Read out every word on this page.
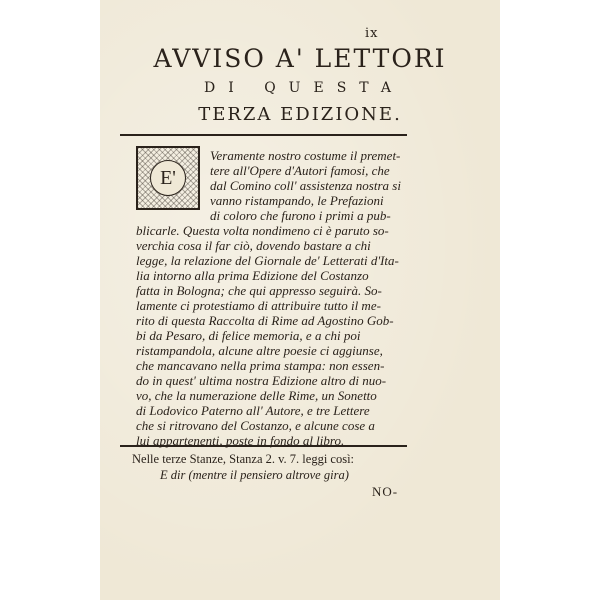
ix
AVVISO A' LETTORI
DI QUESTA
TERZA EDIZIONE.
E'
Veramente nostro costume il premet-
tere all'Opere d'Autori famosi, che
dal Comino coll' assistenza nostra si
vanno ristampando, le Prefazioni
di coloro che furono i primi a pub-
blicarle. Questa volta nondimeno ci è paruto so-
verchia cosa il far ciò, dovendo bastare a chi
legge, la relazione del Giornale de' Letterati d'Ita-
lia intorno alla prima Edizione del Costanzo
fatta in Bologna; che qui appresso seguirà. So-
lamente ci protestiamo di attribuire tutto il me-
rito di questa Raccolta di Rime ad Agostino Gob-
bi da Pesaro, di felice memoria, e a chi poi
ristampandola, alcune altre poesie ci aggiunse,
che mancavano nella prima stampa: non essen-
do in quest' ultima nostra Edizione altro di nuo-
vo, che la numerazione delle Rime, un Sonetto
di Lodovico Paterno all' Autore, e tre Lettere
che si ritrovano del Costanzo, e alcune cose a
lui appartenenti, poste in fondo al libro.
Nelle terze Stanze, Stanza 2. v. 7. leggi così:
E dir (mentre il pensiero altrove gira)
NO-
